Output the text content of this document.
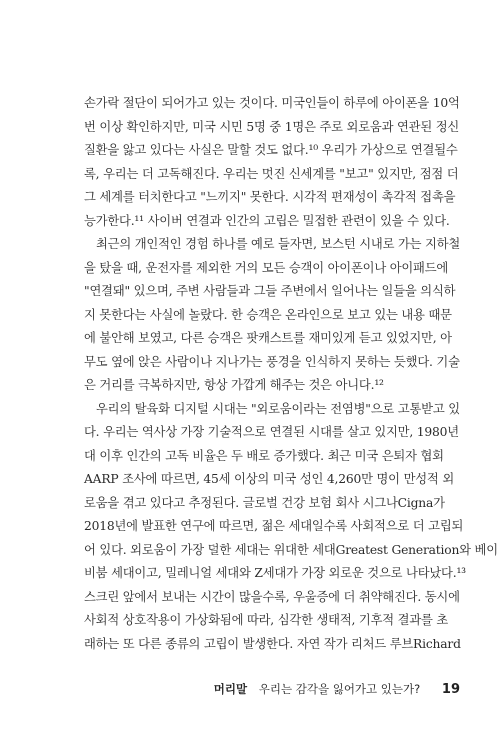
손가락 절단이 되어가고 있는 것이다. 미국인들이 하루에 아이폰을 10억
번 이상 확인하지만, 미국 시민 5명 중 1명은 주로 외로움과 연관된 정신
질환을 앓고 있다는 사실은 말할 것도 없다.¹⁰ 우리가 가상으로 연결될수
록, 우리는 더 고독해진다. 우리는 멋진 신세계를 "보고" 있지만, 점점 더
그 세계를 터치한다고 "느끼지" 못한다. 시각적 편재성이 촉각적 접촉을
능가한다.¹¹ 사이버 연결과 인간의 고립은 밀접한 관련이 있을 수 있다.
최근의 개인적인 경험 하나를 예로 들자면, 보스턴 시내로 가는 지하철
을 탔을 때, 운전자를 제외한 거의 모든 승객이 아이폰이나 아이패드에
"연결돼" 있으며, 주변 사람들과 그들 주변에서 일어나는 일들을 의식하
지 못한다는 사실에 놀랐다. 한 승객은 온라인으로 보고 있는 내용 때문
에 불안해 보였고, 다른 승객은 팟캐스트를 재미있게 듣고 있었지만, 아
무도 옆에 앉은 사람이나 지나가는 풍경을 인식하지 못하는 듯했다. 기술
은 거리를 극복하지만, 항상 가깝게 해주는 것은 아니다.¹²
우리의 탈육화 디지털 시대는 "외로움이라는 전염병"으로 고통받고 있
다. 우리는 역사상 가장 기술적으로 연결된 시대를 살고 있지만, 1980년
대 이후 인간의 고독 비율은 두 배로 증가했다. 최근 미국 은퇴자 협회
AARP 조사에 따르면, 45세 이상의 미국 성인 4,260만 명이 만성적 외
로움을 겪고 있다고 추정된다. 글로벌 건강 보험 회사 시그나Cigna가
2018년에 발표한 연구에 따르면, 젊은 세대일수록 사회적으로 더 고립되
어 있다. 외로움이 가장 덜한 세대는 위대한 세대Greatest Generation와 베이
비붐 세대이고, 밀레니얼 세대와 Z세대가 가장 외로운 것으로 나타났다.¹³
스크린 앞에서 보내는 시간이 많을수록, 우울증에 더 취약해진다. 동시에
사회적 상호작용이 가상화됨에 따라, 심각한 생태적, 기후적 결과를 초
래하는 또 다른 종류의 고립이 발생한다. 자연 작가 리처드 루브Richard
머리말 우리는 감각을 잃어가고 있는가? 19
